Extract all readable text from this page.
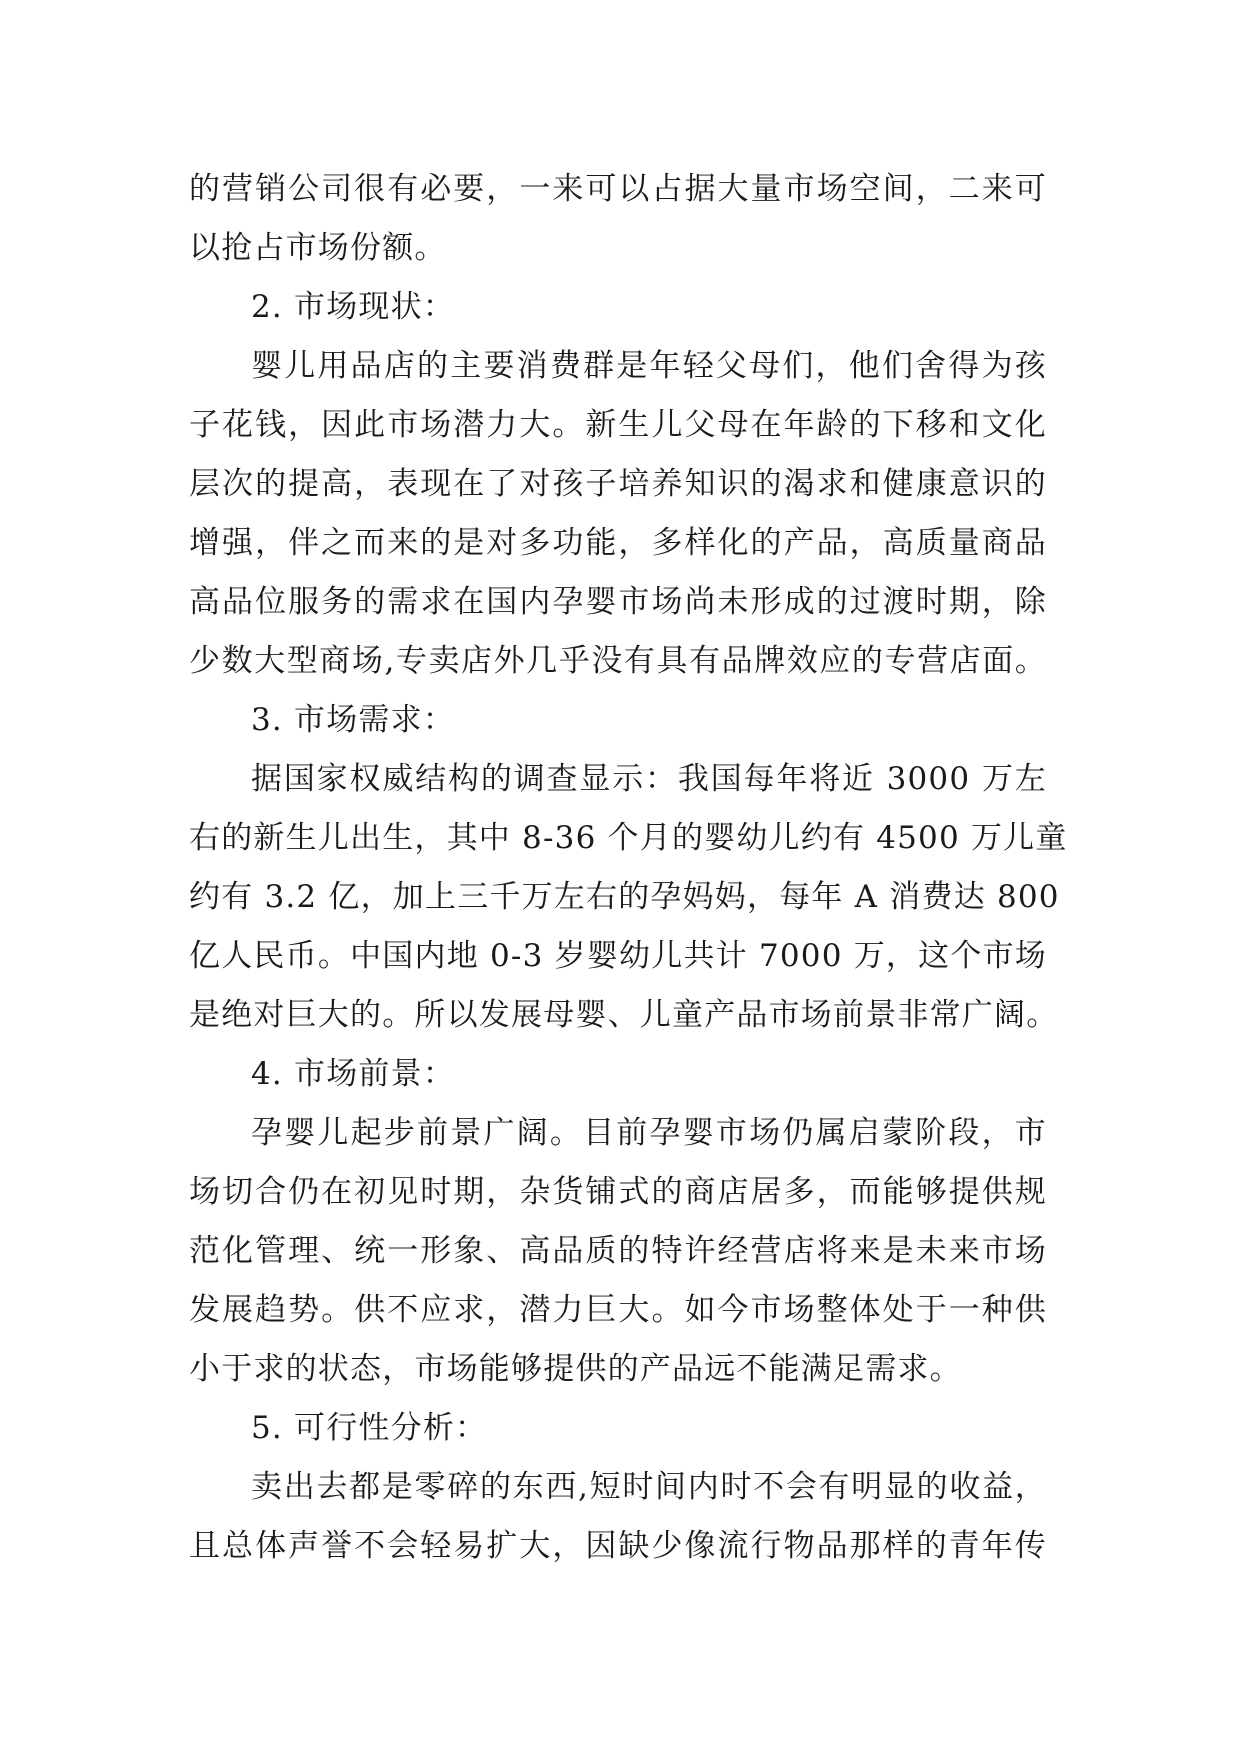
的营销公司很有必要，一来可以占据大量市场空间，二来可
以抢占市场份额。
2. 市场现状：
婴儿用品店的主要消费群是年轻父母们，他们舍得为孩
子花钱，因此市场潜力大。新生儿父母在年龄的下移和文化
层次的提高，表现在了对孩子培养知识的渴求和健康意识的
增强，伴之而来的是对多功能，多样化的产品，高质量商品
高品位服务的需求在国内孕婴市场尚未形成的过渡时期，除
少数大型商场,专卖店外几乎没有具有品牌效应的专营店面。
3. 市场需求：
据国家权威结构的调查显示：我国每年将近 3000 万左
右的新生儿出生，其中 8-36 个月的婴幼儿约有 4500 万儿童
约有 3.2 亿，加上三千万左右的孕妈妈，每年 A 消费达 800
亿人民币。中国内地 0-3 岁婴幼儿共计 7000 万，这个市场
是绝对巨大的。所以发展母婴、儿童产品市场前景非常广阔。
4. 市场前景：
孕婴儿起步前景广阔。目前孕婴市场仍属启蒙阶段，市
场切合仍在初见时期，杂货铺式的商店居多，而能够提供规
范化管理、统一形象、高品质的特许经营店将来是未来市场
发展趋势。供不应求，潜力巨大。如今市场整体处于一种供
小于求的状态，市场能够提供的产品远不能满足需求。
5. 可行性分析：
卖出去都是零碎的东西,短时间内时不会有明显的收益，
且总体声誉不会轻易扩大，因缺少像流行物品那样的青年传
